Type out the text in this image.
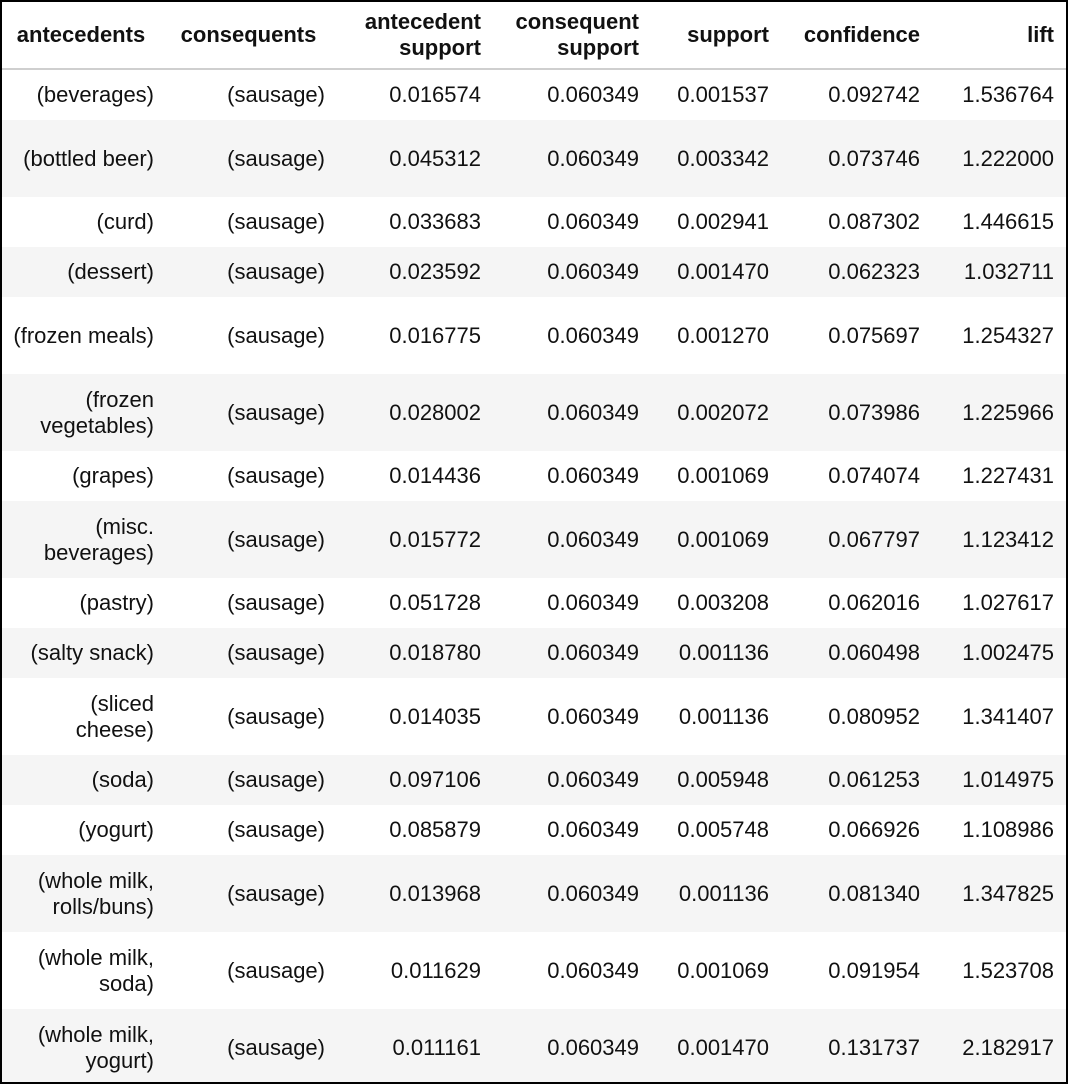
antecedents	consequents	antecedent support	consequent support	support	confidence	lift
(beverages)	(sausage)	0.016574	0.060349	0.001537	0.092742	1.536764
(bottled beer)	(sausage)	0.045312	0.060349	0.003342	0.073746	1.222000
(curd)	(sausage)	0.033683	0.060349	0.002941	0.087302	1.446615
(dessert)	(sausage)	0.023592	0.060349	0.001470	0.062323	1.032711
(frozen meals)	(sausage)	0.016775	0.060349	0.001270	0.075697	1.254327
(frozen vegetables)	(sausage)	0.028002	0.060349	0.002072	0.073986	1.225966
(grapes)	(sausage)	0.014436	0.060349	0.001069	0.074074	1.227431
(misc. beverages)	(sausage)	0.015772	0.060349	0.001069	0.067797	1.123412
(pastry)	(sausage)	0.051728	0.060349	0.003208	0.062016	1.027617
(salty snack)	(sausage)	0.018780	0.060349	0.001136	0.060498	1.002475
(sliced cheese)	(sausage)	0.014035	0.060349	0.001136	0.080952	1.341407
(soda)	(sausage)	0.097106	0.060349	0.005948	0.061253	1.014975
(yogurt)	(sausage)	0.085879	0.060349	0.005748	0.066926	1.108986
(whole milk, rolls/buns)	(sausage)	0.013968	0.060349	0.001136	0.081340	1.347825
(whole milk, soda)	(sausage)	0.011629	0.060349	0.001069	0.091954	1.523708
(whole milk, yogurt)	(sausage)	0.011161	0.060349	0.001470	0.131737	2.182917
